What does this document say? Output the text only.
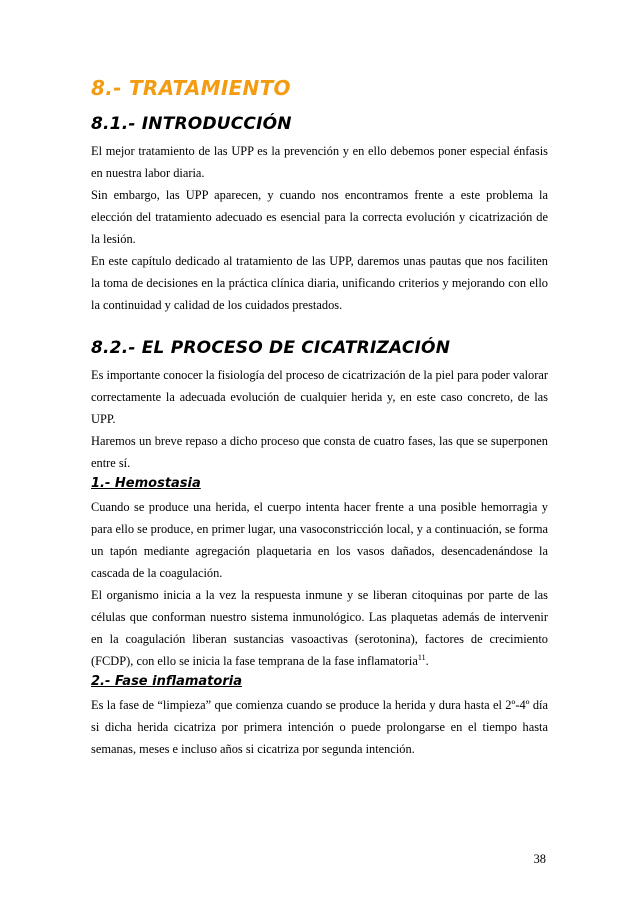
8.- TRATAMIENTO
8.1.- INTRODUCCIÓN

El mejor tratamiento de las UPP es la prevención y en ello debemos poner especial énfasis en nuestra labor diaria.

Sin embargo, las UPP aparecen, y cuando nos encontramos frente a este problema la elección del tratamiento adecuado es esencial para la correcta evolución y cicatrización de la lesión.

En este capítulo dedicado al tratamiento de las UPP, daremos unas pautas que nos faciliten la toma de decisiones en la práctica clínica diaria, unificando criterios y mejorando con ello la continuidad y calidad de los cuidados prestados.

8.2.- EL PROCESO DE CICATRIZACIÓN

Es importante conocer la fisiología del proceso de cicatrización de la piel para poder valorar correctamente la adecuada evolución de cualquier herida y, en este caso concreto, de las UPP.

Haremos un breve repaso a dicho proceso que consta de cuatro fases, las que se superponen entre sí.

1.- Hemostasia

Cuando se produce una herida, el cuerpo intenta hacer frente a una posible hemorragia y para ello se produce, en primer lugar, una vasoconstricción local, y a continuación, se forma un tapón mediante agregación plaquetaria en los vasos dañados, desencadenándose la cascada de la coagulación.

El organismo inicia a la vez la respuesta inmune y se liberan citoquinas por parte de las células que conforman nuestro sistema inmunológico. Las plaquetas además de intervenir en la coagulación liberan sustancias vasoactivas (serotonina), factores de crecimiento (FCDP), con ello se inicia la fase temprana de la fase inflamatoria$^{11}$.

2.- Fase inflamatoria

Es la fase de “limpieza” que comienza cuando se produce la herida y dura hasta el 2º-4º día si dicha herida cicatriza por primera intención o puede prolongarse en el tiempo hasta semanas, meses e incluso años si cicatriza por segunda intención.

38
